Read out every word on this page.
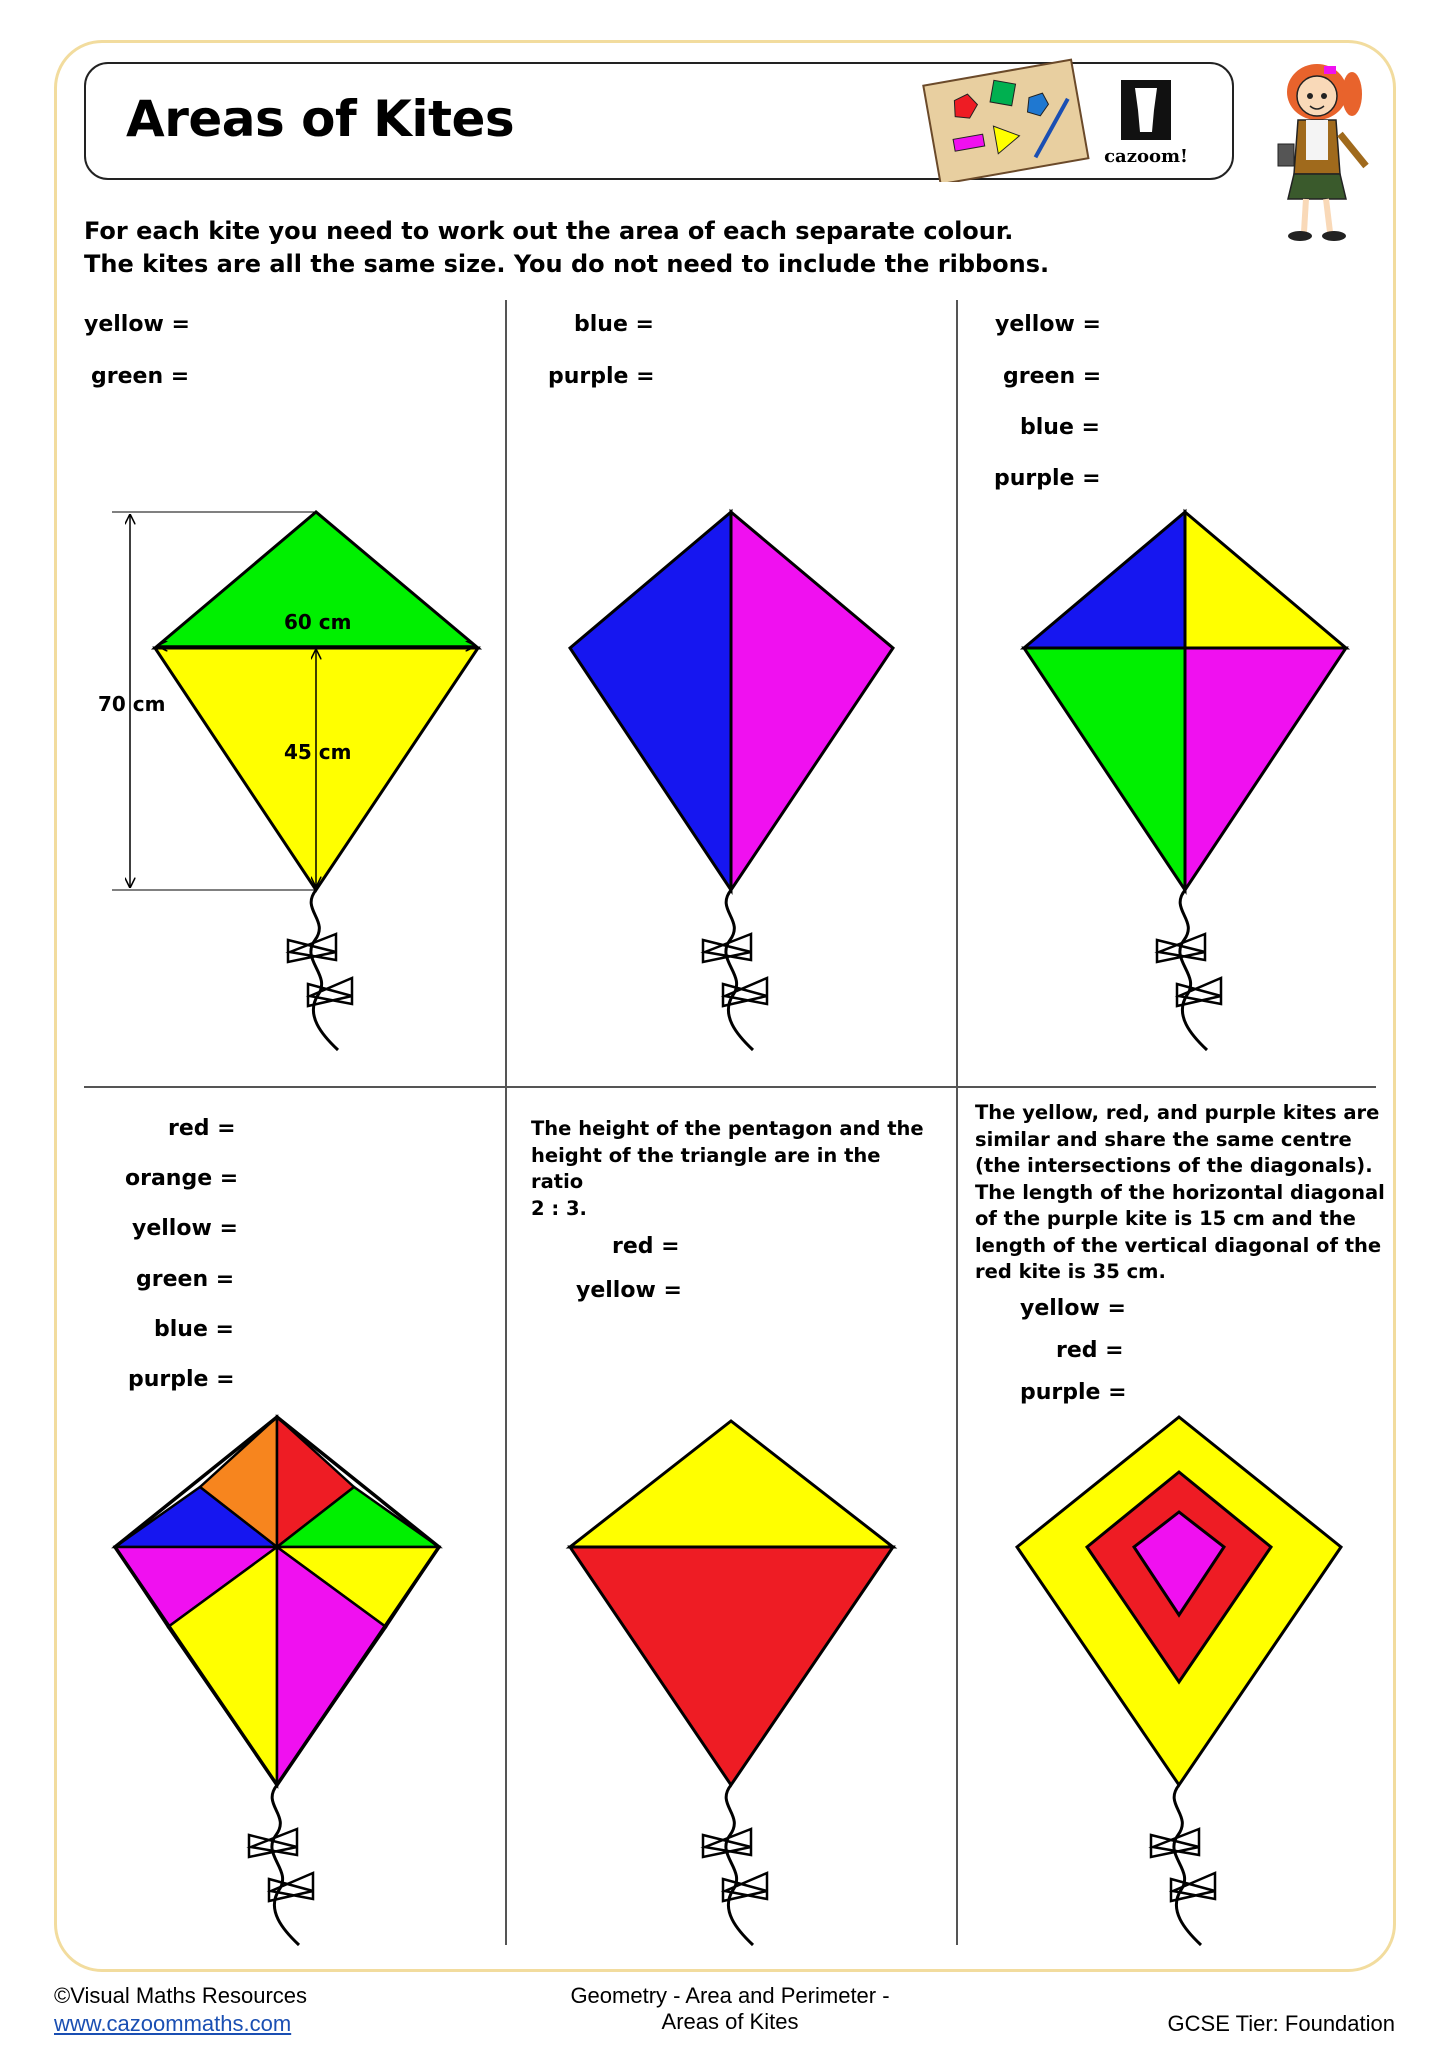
Areas of Kites
cazoom!
For each kite you need to work out the area of each separate colour.
The kites are all the same size. You do not need to include the ribbons.
yellow =
green =
60 cm
70 cm
45 cm
blue =
purple =
yellow =
green =
blue =
purple =
red =
orange =
yellow =
green =
blue =
purple =
The height of the pentagon and the
height of the triangle are in the ratio
2 : 3.
red =
yellow =
The yellow, red, and purple kites are
similar and share the same centre
(the intersections of the diagonals).
The length of the horizontal diagonal
of the purple kite is 15 cm and the
length of the vertical diagonal of the
red kite is 35 cm.
yellow =
red =
purple =
©Visual Maths Resources
www.cazoommaths.com
Geometry - Area and Perimeter -
Areas of Kites	GCSE Tier: Foundation
